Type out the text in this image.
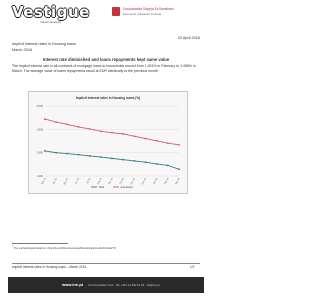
Vestigue
market analysis
Gospodarska Stopnja Za Raziskavo
Economic Indicators Institute
22 April 2016
Implicit interest rates in Housing loans
March 2016
Interest rate diminished and loans repayments kept same value
The implicit interest rate in all contracts of mortgage loans to households moved from 1.491% in February to 1.458% in March. The average value of loans repayments stood at EUR identically to the previous month.
Implicit interest rates in Housing loans (%)
2,000
1,800
1,600
1,400
Mar-15	Apr-15	May-15	Jun-15	Jul-15	Aug-15	Sep-15	Oct-15	Nov-15	Dec-15	Jan-16	Feb-16	Mar-16
Total	Acquisition
$^1$ The methodological detail is in http://ine.pt/ii/Documentacao/Metodologia/Credito/Ordinal/TR
Implicit Interest rates in Housing loans – March 2016	1/2
www.ine.pt Communication Unit · Tel: +351 21 842 61 00 · sci@ine.pt
